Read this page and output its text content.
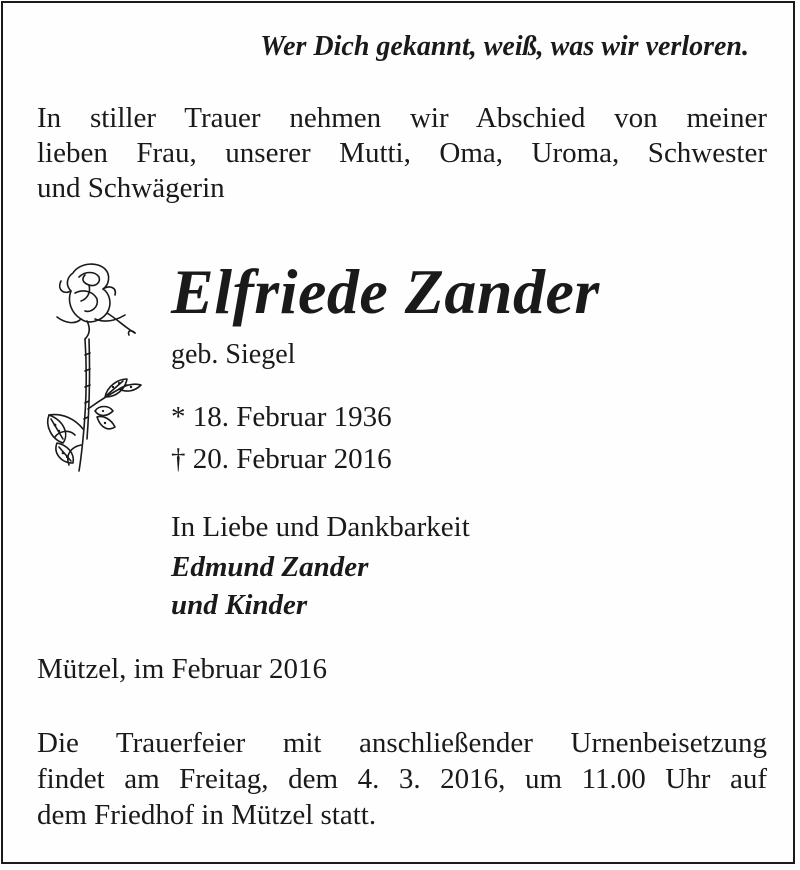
Wer Dich gekannt, weiß, was wir verloren.
In stiller Trauer nehmen wir Abschied von meiner
lieben Frau, unserer Mutti, Oma, Uroma, Schwester
und Schwägerin
Elfriede Zander
geb. Siegel
* 18. Februar 1936
† 20. Februar 2016
In Liebe und Dankbarkeit
Edmund Zander
und Kinder
Mützel, im Februar 2016
Die Trauerfeier mit anschließender Urnenbeisetzung
findet am Freitag, dem 4. 3. 2016, um 11.00 Uhr auf
dem Friedhof in Mützel statt.
